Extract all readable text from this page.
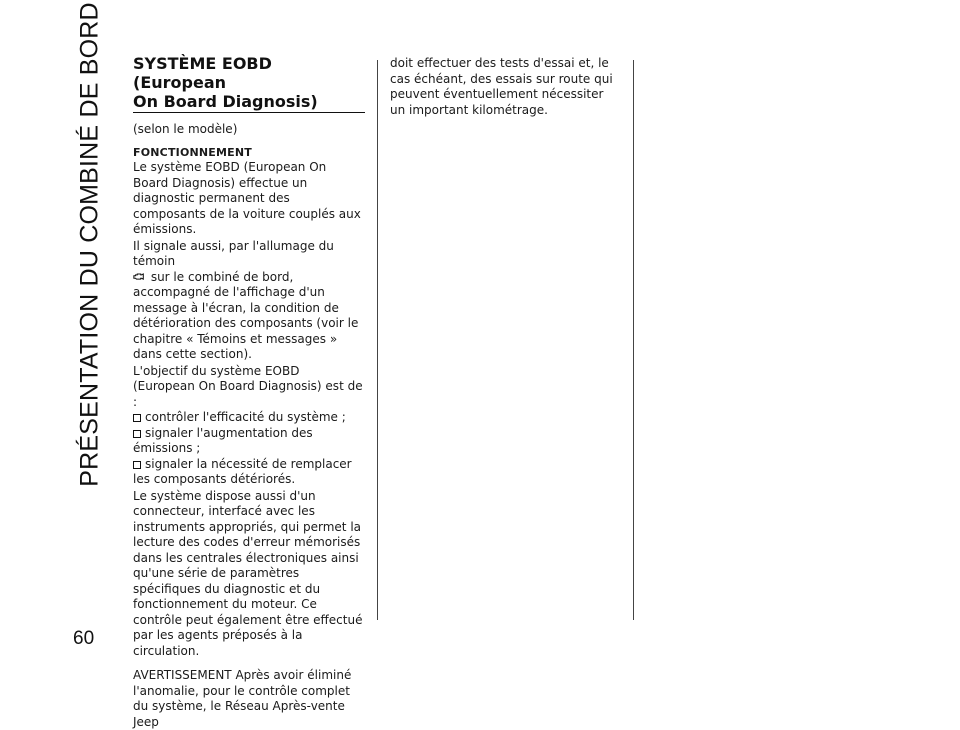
PRÉSENTATION DU COMBINÉ DE BORD
60
SYSTÈME EOBD (European
On Board Diagnosis)
(selon le modèle)
FONCTIONNEMENT

Le système EOBD (European On Board Diagnosis) effectue un diagnostic permanent des composants de la voiture couplés aux émissions.

Il signale aussi, par l'allumage du témoin
sur le combiné de bord, accompagné de l'affichage d'un message à l'écran, la condition de détérioration des composants (voir le chapitre « Témoins et messages » dans cette section).

L'objectif du système EOBD (European On Board Diagnosis) est de :

contrôler l'efficacité du système ;
signaler l'augmentation des émissions ;
signaler la nécessité de remplacer les composants détériorés.

Le système dispose aussi d'un connecteur, interfacé avec les instruments appropriés, qui permet la lecture des codes d'erreur mémorisés dans les centrales électroniques ainsi qu'une série de paramètres spécifiques du diagnostic et du fonctionnement du moteur. Ce contrôle peut également être effectué par les agents préposés à la circulation.

AVERTISSEMENT Après avoir éliminé l'anomalie, pour le contrôle complet du système, le Réseau Après-vente Jeep

doit effectuer des tests d'essai et, le cas échéant, des essais sur route qui peuvent éventuellement nécessiter un important kilométrage.
